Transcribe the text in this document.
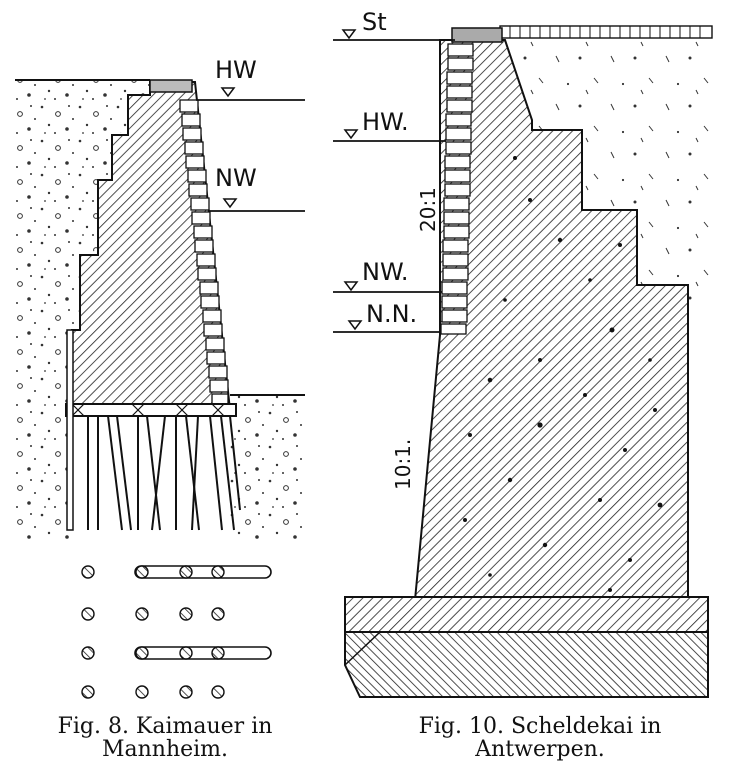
HW
NW
St
HW.
NW.
N.N.
20:1
10:1.
Fig. 8. Kaimauer in
Mannheim.
Fig. 10. Scheldekai in
Antwerpen.
